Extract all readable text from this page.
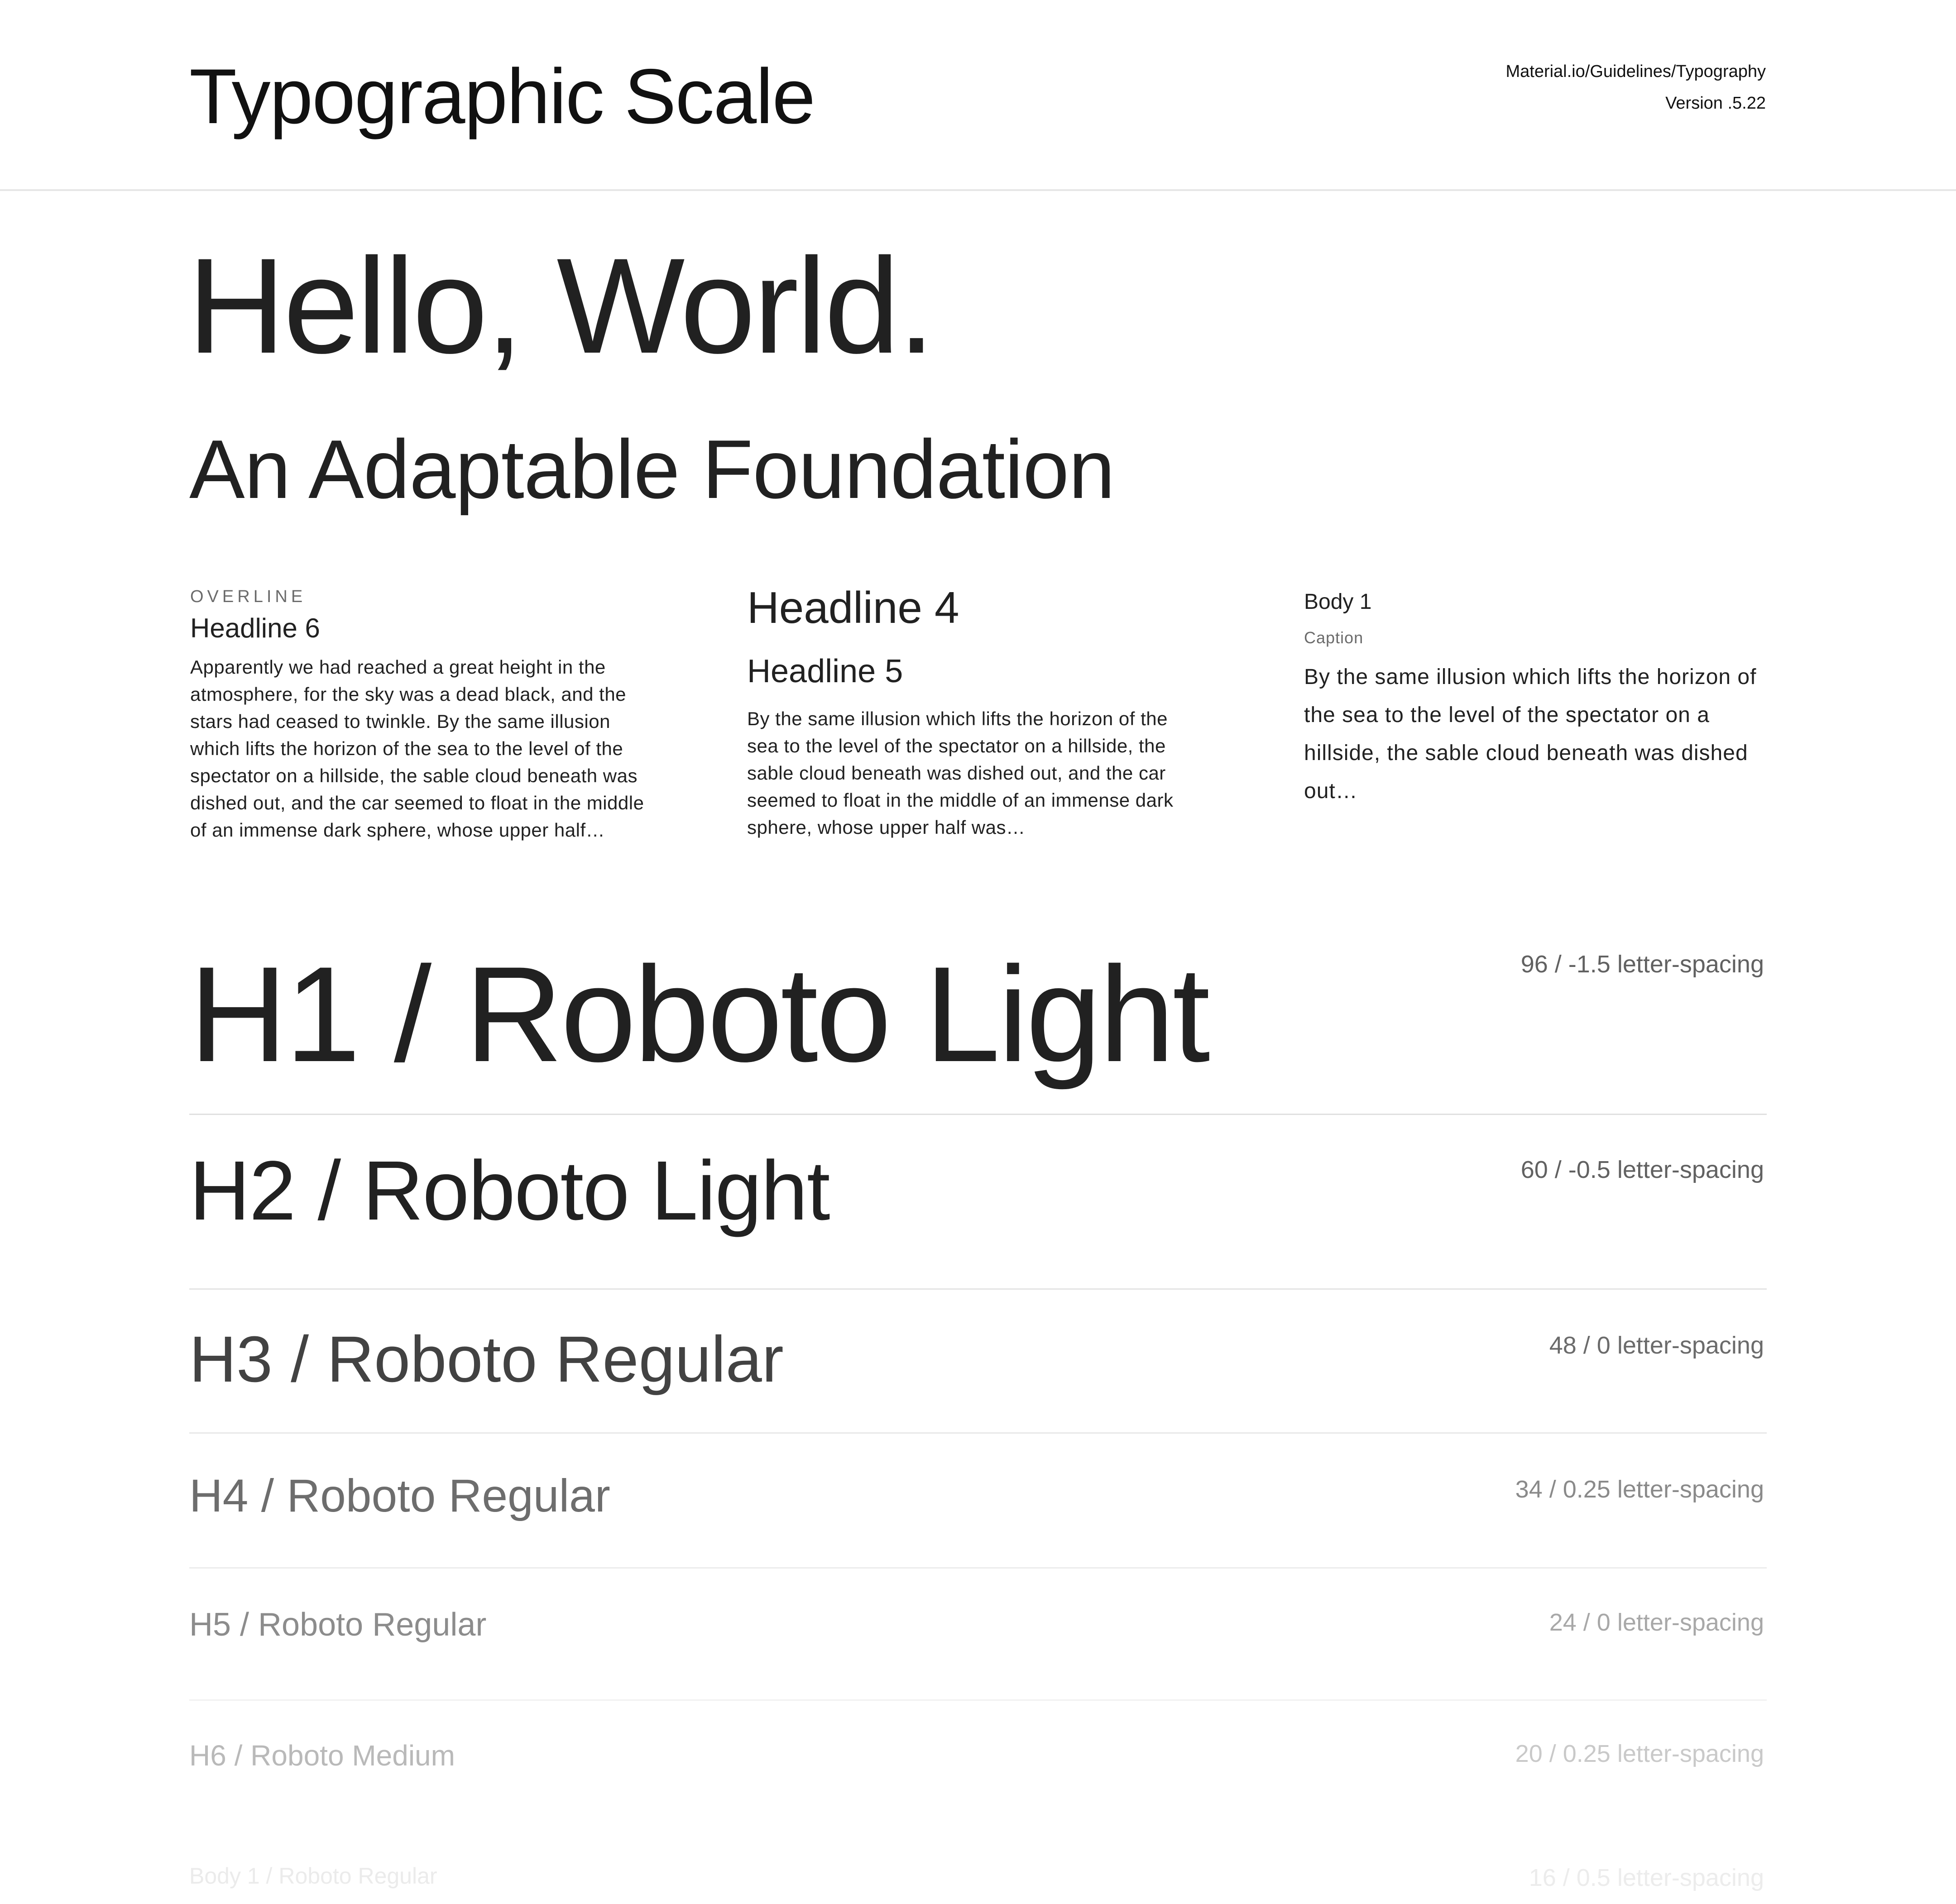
Typographic Scale	Material.io/Guidelines/Typography
Version .5.22
Hello, World.
An Adaptable Foundation
OVERLINE
Headline 6

Apparently we had reached a great height in the atmosphere, for the sky was a dead black, and the stars had ceased to twinkle. By the same illusion which lifts the horizon of the sea to the level of the spectator on a hillside, the sable cloud beneath was dished out, and the car seemed to float in the middle of an immense dark sphere, whose upper half…

Headline 4
Headline 5

By the same illusion which lifts the horizon of the sea to the level of the spectator on a hillside, the sable cloud beneath was dished out, and the car seemed to float in the middle of an immense dark sphere, whose upper half was…

Body 1
Caption

By the same illusion which lifts the horizon of the sea to the level of the spectator on a hillside, the sable cloud beneath was dished out…

H1 / Roboto Light	96 / -1.5 letter-spacing
H2 / Roboto Light	60 / -0.5 letter-spacing
H3 / Roboto Regular	48 / 0 letter-spacing
H4 / Roboto Regular	34 / 0.25 letter-spacing
H5 / Roboto Regular	24 / 0 letter-spacing
H6 / Roboto Medium	20 / 0.25 letter-spacing
Body 1 / Roboto Regular	16 / 0.5 letter-spacing
